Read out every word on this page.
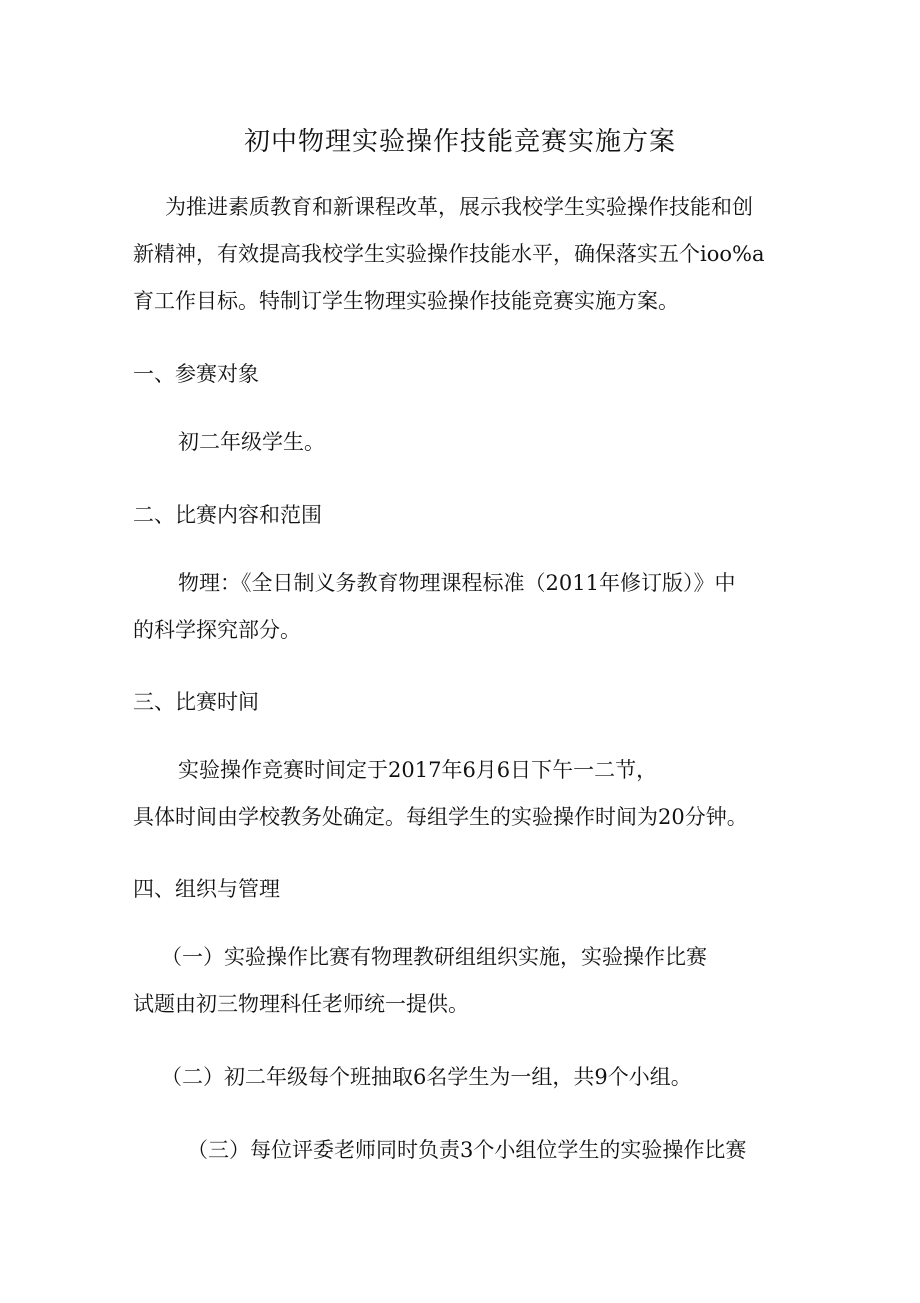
初中物理实验操作技能竞赛实施方案
为推进素质教育和新课程改革，展示我校学生实验操作技能和创
新精神，有效提高我校学生实验操作技能水平，确保落实五个ioo%a
育工作目标。特制订学生物理实验操作技能竞赛实施方案。
一、参赛对象
初二年级学生。
二、比赛内容和范围
物理：《全日制义务教育物理课程标准（2011年修订版）》中
的科学探究部分。
三、比赛时间
实验操作竞赛时间定于2017年6月6日下午一二节，
具体时间由学校教务处确定。每组学生的实验操作时间为20分钟。
四、组织与管理
（一）实验操作比赛有物理教研组组织实施，实验操作比赛
试题由初三物理科任老师统一提供。
（二）初二年级每个班抽取6名学生为一组，共9个小组。
（三）每位评委老师同时负责3个小组位学生的实验操作比赛
